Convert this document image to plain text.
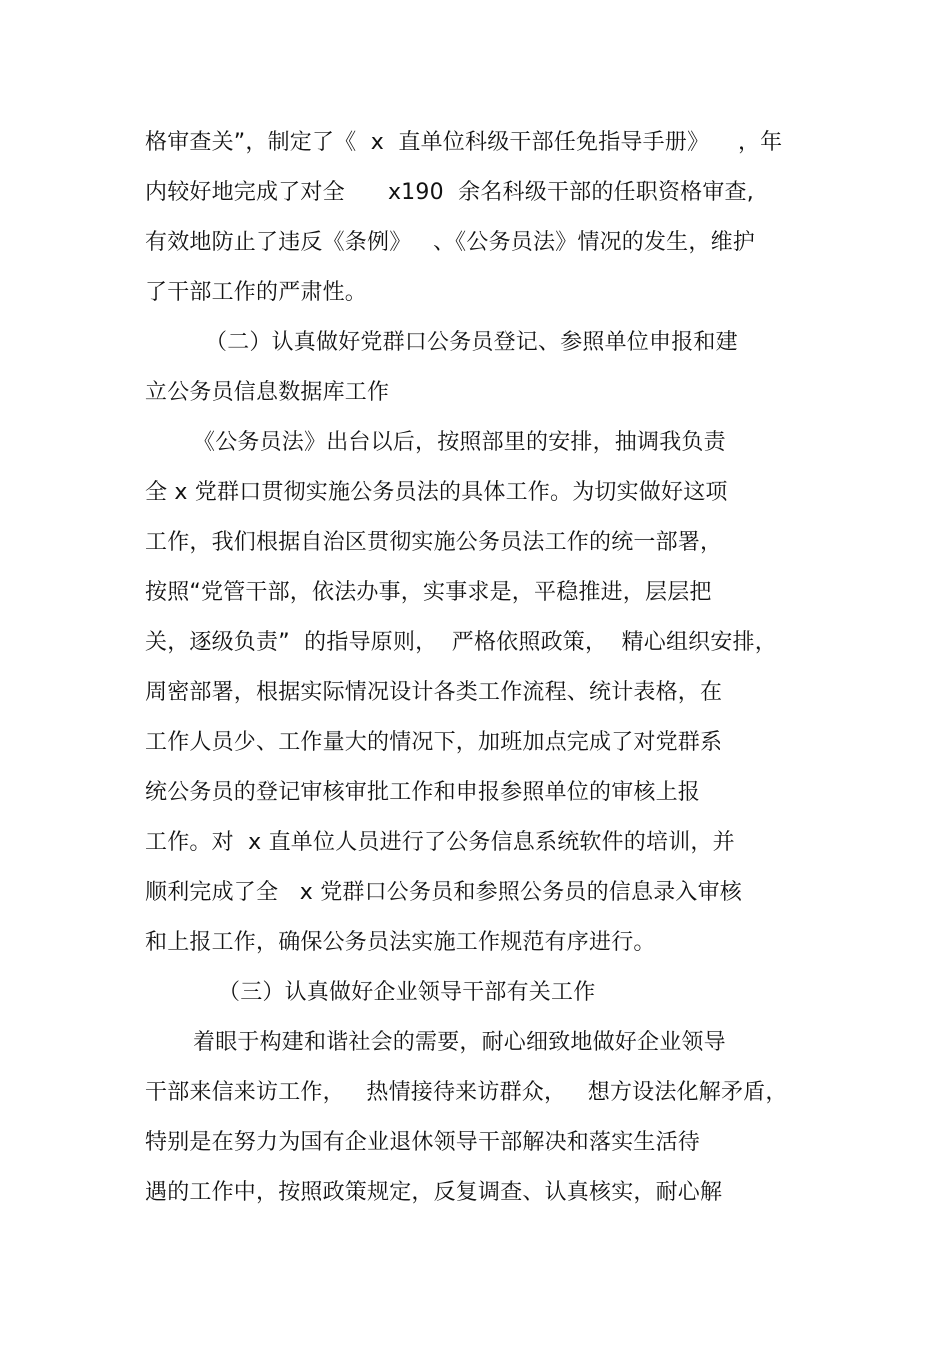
格审查关”，制定了《  x  直单位科级干部任免指导手册》    ，年
内较好地完成了对全      x190  余名科级干部的任职资格审查,
有效地防止了违反《条例》   、《公务员法》情况的发生，维护
了干部工作的严肃性。
（二）认真做好党群口公务员登记、参照单位申报和建
立公务员信息数据库工作
《公务员法》出台以后，按照部里的安排，抽调我负责
全 x 党群口贯彻实施公务员法的具体工作。为切实做好这项
工作，我们根据自治区贯彻实施公务员法工作的统一部署，
按照“党管干部，依法办事，实事求是，平稳推进，层层把
关，逐级负责”  的指导原则，  严格依照政策，  精心组织安排，
周密部署，根据实际情况设计各类工作流程、统计表格，在
工作人员少、工作量大的情况下，加班加点完成了对党群系
统公务员的登记审核审批工作和申报参照单位的审核上报
工作。对  x 直单位人员进行了公务信息系统软件的培训，并
顺利完成了全   x 党群口公务员和参照公务员的信息录入审核
和上报工作，确保公务员法实施工作规范有序进行。
（三）认真做好企业领导干部有关工作
着眼于构建和谐社会的需要，耐心细致地做好企业领导
干部来信来访工作，   热情接待来访群众，   想方设法化解矛盾，
特别是在努力为国有企业退休领导干部解决和落实生活待
遇的工作中，按照政策规定，反复调查、认真核实，耐心解
